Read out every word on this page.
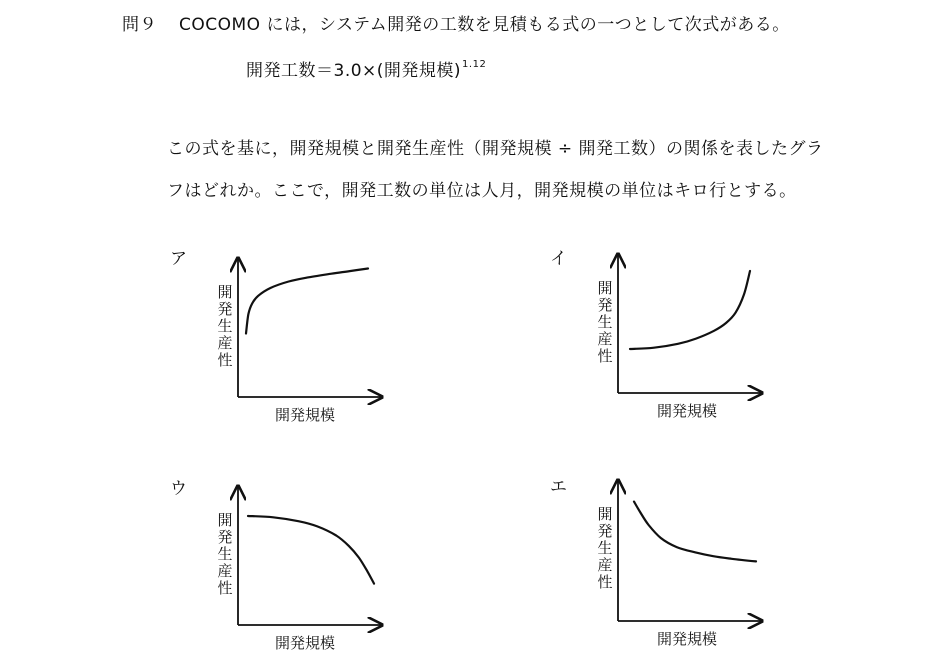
問９ COCOMO には，システム開発の工数を見積もる式の一つとして次式がある。
開発工数＝3.0×(開発規模)$^{1.12}$
この式を基に，開発規模と開発生産性（開発規模 ÷ 開発工数）の関係を表したグラ
フはどれか。ここで，開発工数の単位は人月，開発規模の単位はキロ行とする。
ア
開発生産性
開発規模
イ
開発生産性
開発規模
ウ
開発生産性
開発規模
エ
開発生産性
開発規模
